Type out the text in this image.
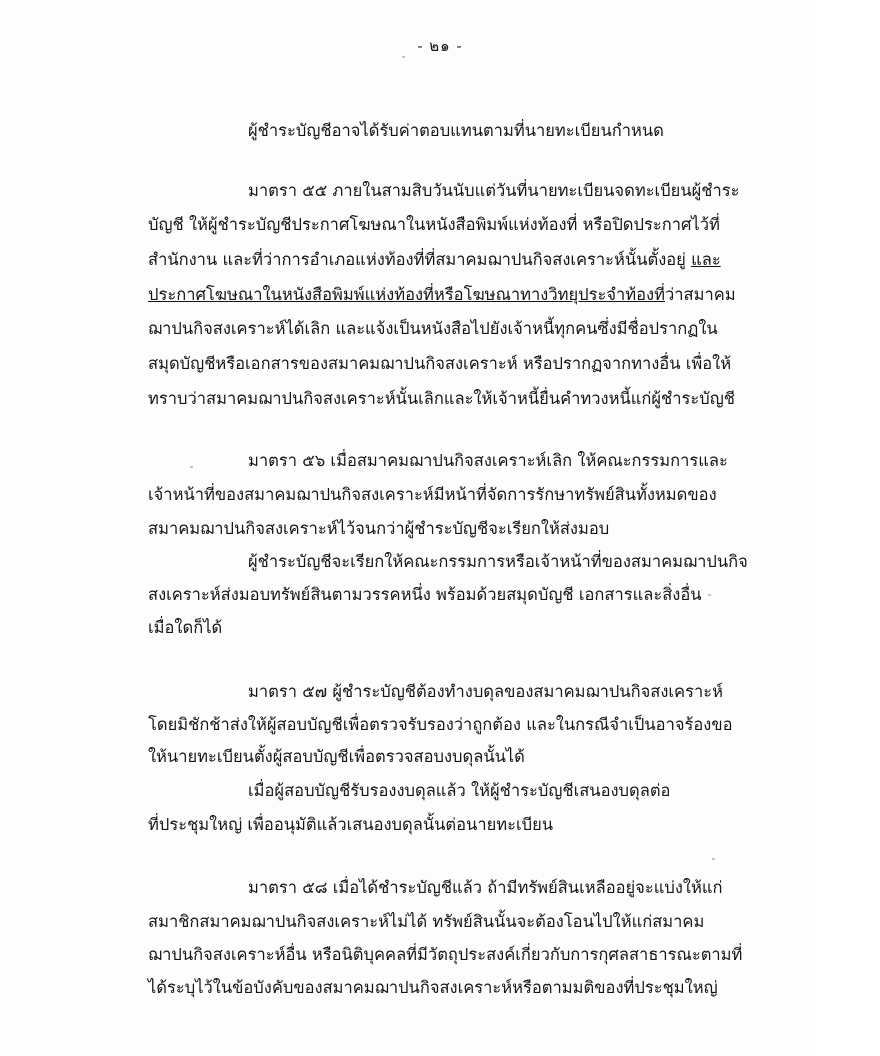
- ๒๑ -
ผู้ชำระบัญชีอาจได้รับค่าตอบแทนตามที่นายทะเบียนกำหนด
มาตรา ๕๕ ภายในสามสิบวันนับแต่วันที่นายทะเบียนจดทะเบียนผู้ชำระ
บัญชี ให้ผู้ชำระบัญชีประกาศโฆษณาในหนังสือพิมพ์แห่งท้องที่ หรือปิดประกาศไว้ที่
สำนักงาน และที่ว่าการอำเภอแห่งท้องที่ที่สมาคมฌาปนกิจสงเคราะห์นั้นตั้งอยู่ และ
ประกาศโฆษณาในหนังสือพิมพ์แห่งท้องที่หรือโฆษณาทางวิทยุประจำท้องที่ว่าสมาคม
ฌาปนกิจสงเคราะห์ได้เลิก และแจ้งเป็นหนังสือไปยังเจ้าหนี้ทุกคนซึ่งมีชื่อปรากฏใน
สมุดบัญชีหรือเอกสารของสมาคมฌาปนกิจสงเคราะห์ หรือปรากฏจากทางอื่น เพื่อให้
ทราบว่าสมาคมฌาปนกิจสงเคราะห์นั้นเลิกและให้เจ้าหนี้ยื่นคำทวงหนี้แก่ผู้ชำระบัญชี
มาตรา ๕๖ เมื่อสมาคมฌาปนกิจสงเคราะห์เลิก ให้คณะกรรมการและ
เจ้าหน้าที่ของสมาคมฌาปนกิจสงเคราะห์มีหน้าที่จัดการรักษาทรัพย์สินทั้งหมดของ
สมาคมฌาปนกิจสงเคราะห์ไว้จนกว่าผู้ชำระบัญชีจะเรียกให้ส่งมอบ
ผู้ชำระบัญชีจะเรียกให้คณะกรรมการหรือเจ้าหน้าที่ของสมาคมฌาปนกิจ
สงเคราะห์ส่งมอบทรัพย์สินตามวรรคหนึ่ง พร้อมด้วยสมุดบัญชี เอกสารและสิ่งอื่น
เมื่อใดก็ได้
มาตรา ๕๗ ผู้ชำระบัญชีต้องทำงบดุลของสมาคมฌาปนกิจสงเคราะห์
โดยมิชักช้าส่งให้ผู้สอบบัญชีเพื่อตรวจรับรองว่าถูกต้อง และในกรณีจำเป็นอาจร้องขอ
ให้นายทะเบียนตั้งผู้สอบบัญชีเพื่อตรวจสอบงบดุลนั้นได้
เมื่อผู้สอบบัญชีรับรองงบดุลแล้ว ให้ผู้ชำระบัญชีเสนองบดุลต่อ
ที่ประชุมใหญ่ เพื่ออนุมัติแล้วเสนองบดุลนั้นต่อนายทะเบียน
มาตรา ๕๘ เมื่อได้ชำระบัญชีแล้ว ถ้ามีทรัพย์สินเหลืออยู่จะแบ่งให้แก่
สมาชิกสมาคมฌาปนกิจสงเคราะห์ไม่ได้ ทรัพย์สินนั้นจะต้องโอนไปให้แก่สมาคม
ฌาปนกิจสงเคราะห์อื่น หรือนิติบุคคลที่มีวัตถุประสงค์เกี่ยวกับการกุศลสาธารณะตามที่
ได้ระบุไว้ในข้อบังคับของสมาคมฌาปนกิจสงเคราะห์หรือตามมติของที่ประชุมใหญ่
